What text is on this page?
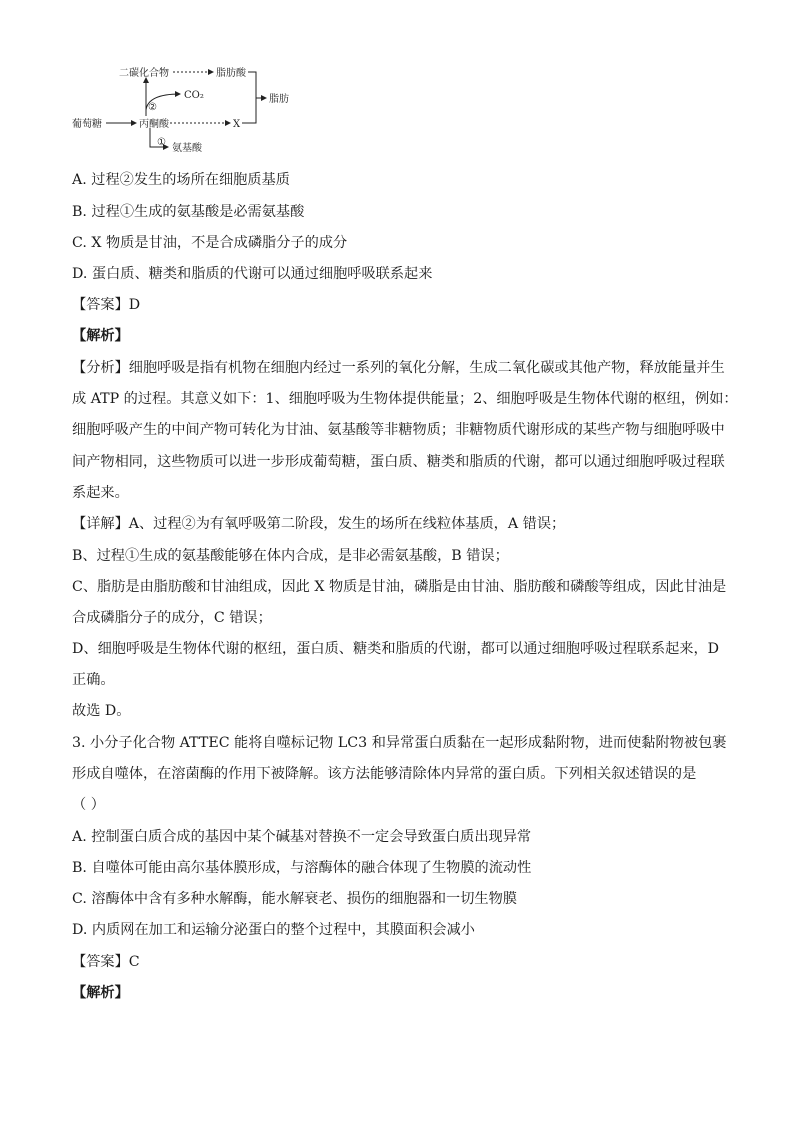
二碳化合物	脂肪酸
CO₂	脂肪
葡萄糖	丙酮酸	X
氨基酸
②
①
A. 过程②发生的场所在细胞质基质
B. 过程①生成的氨基酸是必需氨基酸
C. X 物质是甘油，不是合成磷脂分子的成分
D. 蛋白质、糖类和脂质的代谢可以通过细胞呼吸联系起来
【答案】D
【解析】
【分析】细胞呼吸是指有机物在细胞内经过一系列的氧化分解，生成二氧化碳或其他产物，释放能量并生
成 ATP 的过程。其意义如下：1、细胞呼吸为生物体提供能量；2、细胞呼吸是生物体代谢的枢纽，例如：
细胞呼吸产生的中间产物可转化为甘油、氨基酸等非糖物质；非糖物质代谢形成的某些产物与细胞呼吸中
间产物相同，这些物质可以进一步形成葡萄糖，蛋白质、糖类和脂质的代谢，都可以通过细胞呼吸过程联
系起来。
【详解】A、过程②为有氧呼吸第二阶段，发生的场所在线粒体基质，A 错误；
B、过程①生成的氨基酸能够在体内合成，是非必需氨基酸，B 错误；
C、脂肪是由脂肪酸和甘油组成，因此 X 物质是甘油，磷脂是由甘油、脂肪酸和磷酸等组成，因此甘油是
合成磷脂分子的成分，C 错误；
D、细胞呼吸是生物体代谢的枢纽，蛋白质、糖类和脂质的代谢，都可以通过细胞呼吸过程联系起来，D
正确。
故选 D。
3. 小分子化合物 ATTEC 能将自噬标记物 LC3 和异常蛋白质黏在一起形成黏附物，进而使黏附物被包裹
形成自噬体，在溶菌酶的作用下被降解。该方法能够清除体内异常的蛋白质。下列相关叙述错误的是
（ ）
A. 控制蛋白质合成的基因中某个碱基对替换不一定会导致蛋白质出现异常
B. 自噬体可能由高尔基体膜形成，与溶酶体的融合体现了生物膜的流动性
C. 溶酶体中含有多种水解酶，能水解衰老、损伤的细胞器和一切生物膜
D. 内质网在加工和运输分泌蛋白的整个过程中，其膜面积会减小
【答案】C
【解析】
